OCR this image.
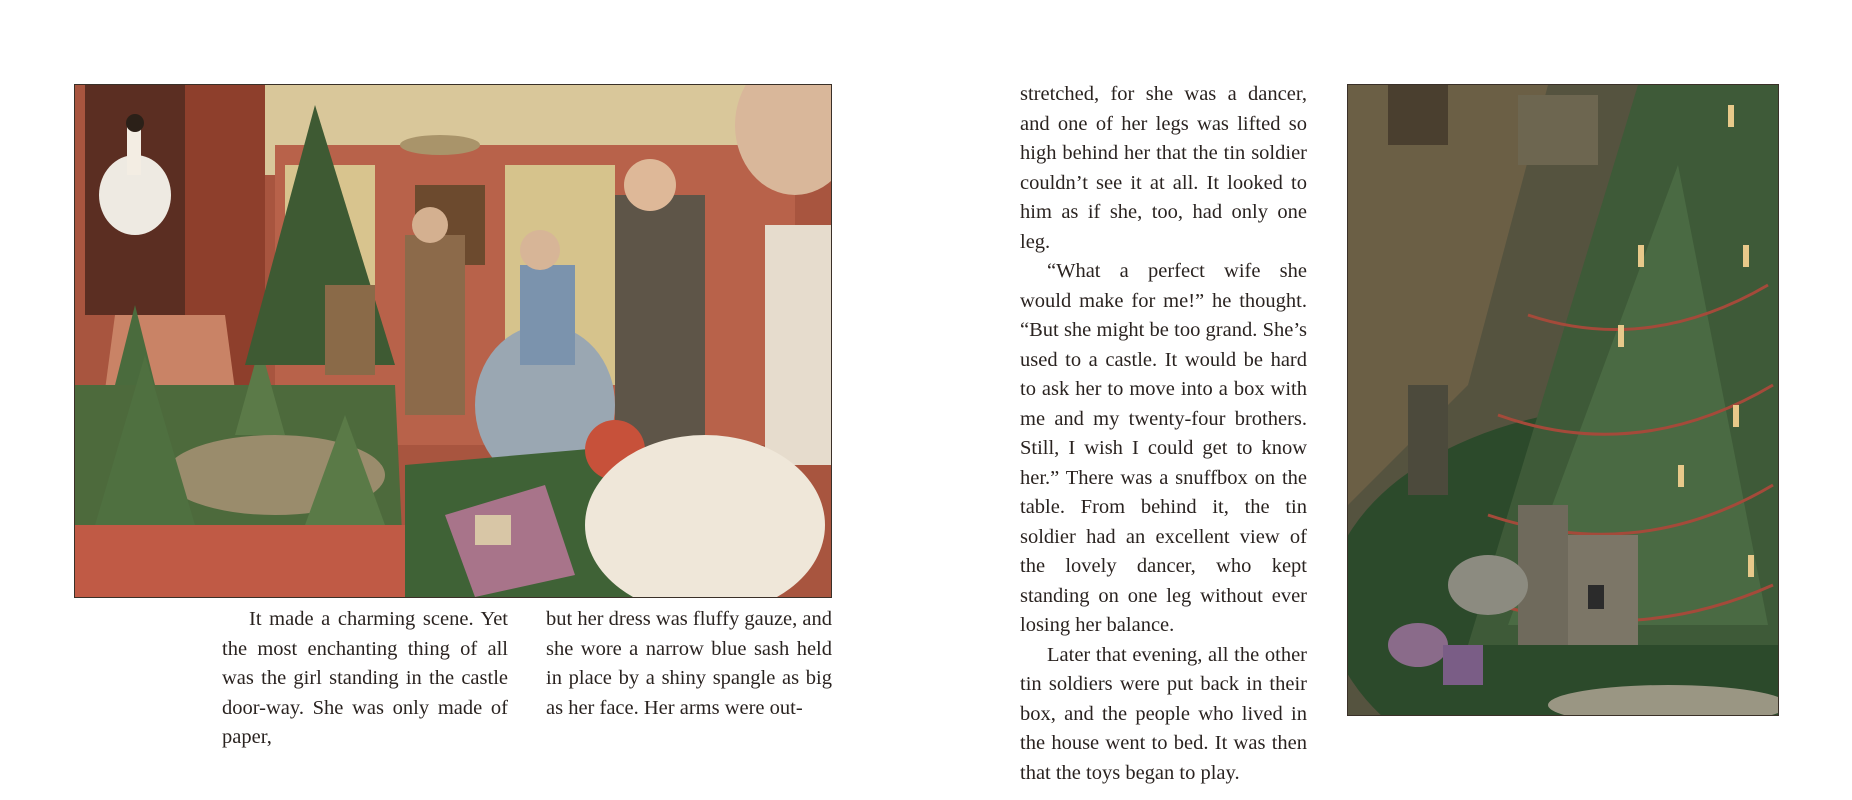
It made a charming scene. Yet the most enchanting thing of all was the girl standing in the castle door-way. She was only made of paper,

but her dress was fluffy gauze, and she wore a narrow blue sash held in place by a shiny spangle as big as her face. Her arms were out-

stretched, for she was a dancer, and one of her legs was lifted so high behind her that the tin soldier couldn’t see it at all. It looked to him as if she, too, had only one leg.

“What a perfect wife she would make for me!” he thought. “But she might be too grand. She’s used to a castle. It would be hard to ask her to move into a box with me and my twenty-four brothers. Still, I wish I could get to know her.” There was a snuffbox on the table. From behind it, the tin soldier had an excellent view of the lovely dancer, who kept standing on one leg without ever losing her balance.

Later that evening, all the other tin soldiers were put back in their box, and the people who lived in the house went to bed. It was then that the toys began to play.
